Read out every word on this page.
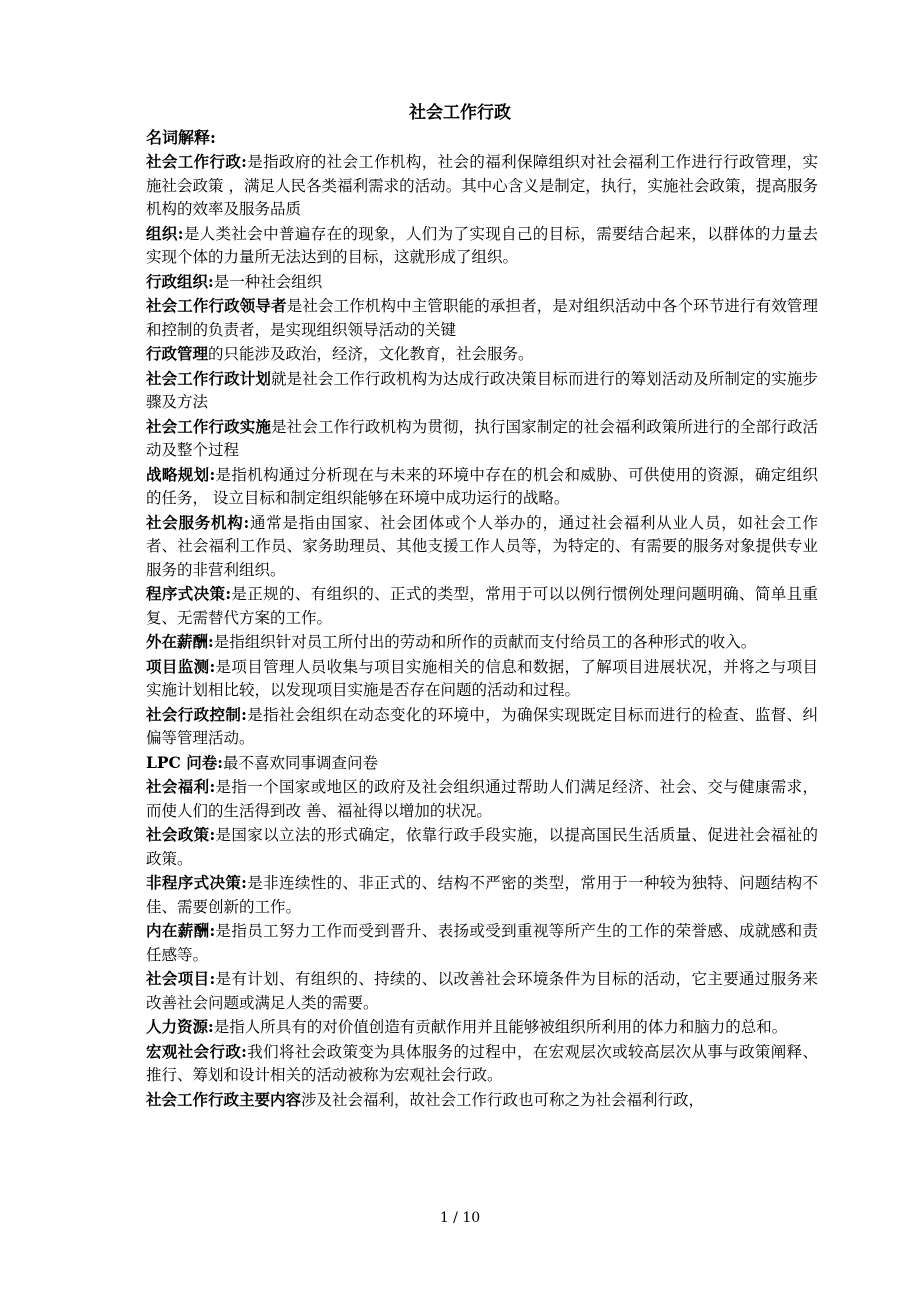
社会工作行政
名词解释:
社会工作行政:是指政府的社会工作机构，社会的福利保障组织对社会福利工作进行行政管理，实施社会政策 ，满足人民各类福利需求的活动。其中心含义是制定，执行，实施社会政策，提高服务机构的效率及服务品质
组织:是人类社会中普遍存在的现象，人们为了实现自己的目标，需要结合起来，以群体的力量去实现个体的力量所无法达到的目标，这就形成了组织。
行政组织:是一种社会组织
社会工作行政领导者是社会工作机构中主管职能的承担者，是对组织活动中各个环节进行有效管理和控制的负责者，是实现组织领导活动的关键
行政管理的只能涉及政治，经济，文化教育，社会服务。
社会工作行政计划就是社会工作行政机构为达成行政决策目标而进行的筹划活动及所制定的实施步骤及方法
社会工作行政实施是社会工作行政机构为贯彻，执行国家制定的社会福利政策所进行的全部行政活动及整个过程
战略规划:是指机构通过分析现在与未来的环境中存在的机会和威胁、可供使用的资源，确定组织的任务， 设立目标和制定组织能够在环境中成功运行的战略。
社会服务机构:通常是指由国家、社会团体或个人举办的，通过社会福利从业人员，如社会工作者、社会福利工作员、家务助理员、其他支援工作人员等，为特定的、有需要的服务对象提供专业服务的非营利组织。
程序式决策:是正规的、有组织的、正式的类型，常用于可以以例行惯例处理问题明确、简单且重复、无需替代方案的工作。
外在薪酬:是指组织针对员工所付出的劳动和所作的贡献而支付给员工的各种形式的收入。
项目监测:是项目管理人员收集与项目实施相关的信息和数据，了解项目进展状况，并将之与项目实施计划相比较，以发现项目实施是否存在问题的活动和过程。
社会行政控制:是指社会组织在动态变化的环境中，为确保实现既定目标而进行的检查、监督、纠偏等管理活动。
LPC 问卷:最不喜欢同事调查问卷
社会福利:是指一个国家或地区的政府及社会组织通过帮助人们满足经济、社会、交与健康需求，而使人们的生活得到改 善、福祉得以增加的状况。
社会政策:是国家以立法的形式确定，依靠行政手段实施，以提高国民生活质量、促进社会福祉的政策。
非程序式决策:是非连续性的、非正式的、结构不严密的类型，常用于一种较为独特、问题结构不佳、需要创新的工作。
内在薪酬:是指员工努力工作而受到晋升、表扬或受到重视等所产生的工作的荣誉感、成就感和责任感等。
社会项目:是有计划、有组织的、持续的、以改善社会环境条件为目标的活动，它主要通过服务来改善社会问题或满足人类的需要。
人力资源:是指人所具有的对价值创造有贡献作用并且能够被组织所利用的体力和脑力的总和。
宏观社会行政:我们将社会政策变为具体服务的过程中，在宏观层次或较高层次从事与政策阐释、推行、筹划和设计相关的活动被称为宏观社会行政。
社会工作行政主要内容涉及社会福利，故社会工作行政也可称之为社会福利行政，
1 / 10
